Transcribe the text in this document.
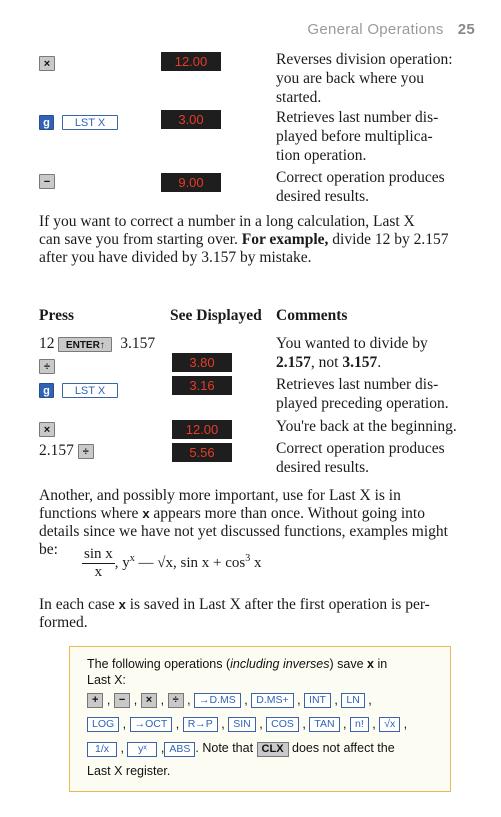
General Operations 25
×	12.00	Reverses division operation:
you are back where you
started.
g LST X	3.00	Retrieves last number dis-
played before multiplica-
tion operation.
−	9.00	Correct operation produces
desired results.
If you want to correct a number in a long calculation, Last X
can save you from starting over. For example, divide 12 by 2.157
after you have divided by 3.157 by mistake.
Press	See Displayed Comments
12 ENTER↑ 3.157	You wanted to divide by
2.157, not 3.157.
÷	3.80
g LST X	3.16	Retrieves last number dis-
played preceding operation.
×	12.00	You're back at the beginning.
2.157 ÷	5.56	Correct operation produces
desired results.
Another, and possibly more important, use for Last X is in
functions where x appears more than once. Without going into
details since we have not yet discussed functions, examples might
be:	$\frac{\text{sin x}}{x}$ , $y^x$ — √x, $\sin x + \cos^3 x$
In each case x is saved in Last X after the first operation is per-
formed.
The following operations (including inverses) save x in
Last X:
+ , − , × , ÷ , →D.MS , D.MS+ , INT , LN ,
LOG , →OCT , R→P , SIN , COS , TAN , n! , √x ,
1/x , yˣ , ABS . Note that CLX does not affect the
Last X register.
